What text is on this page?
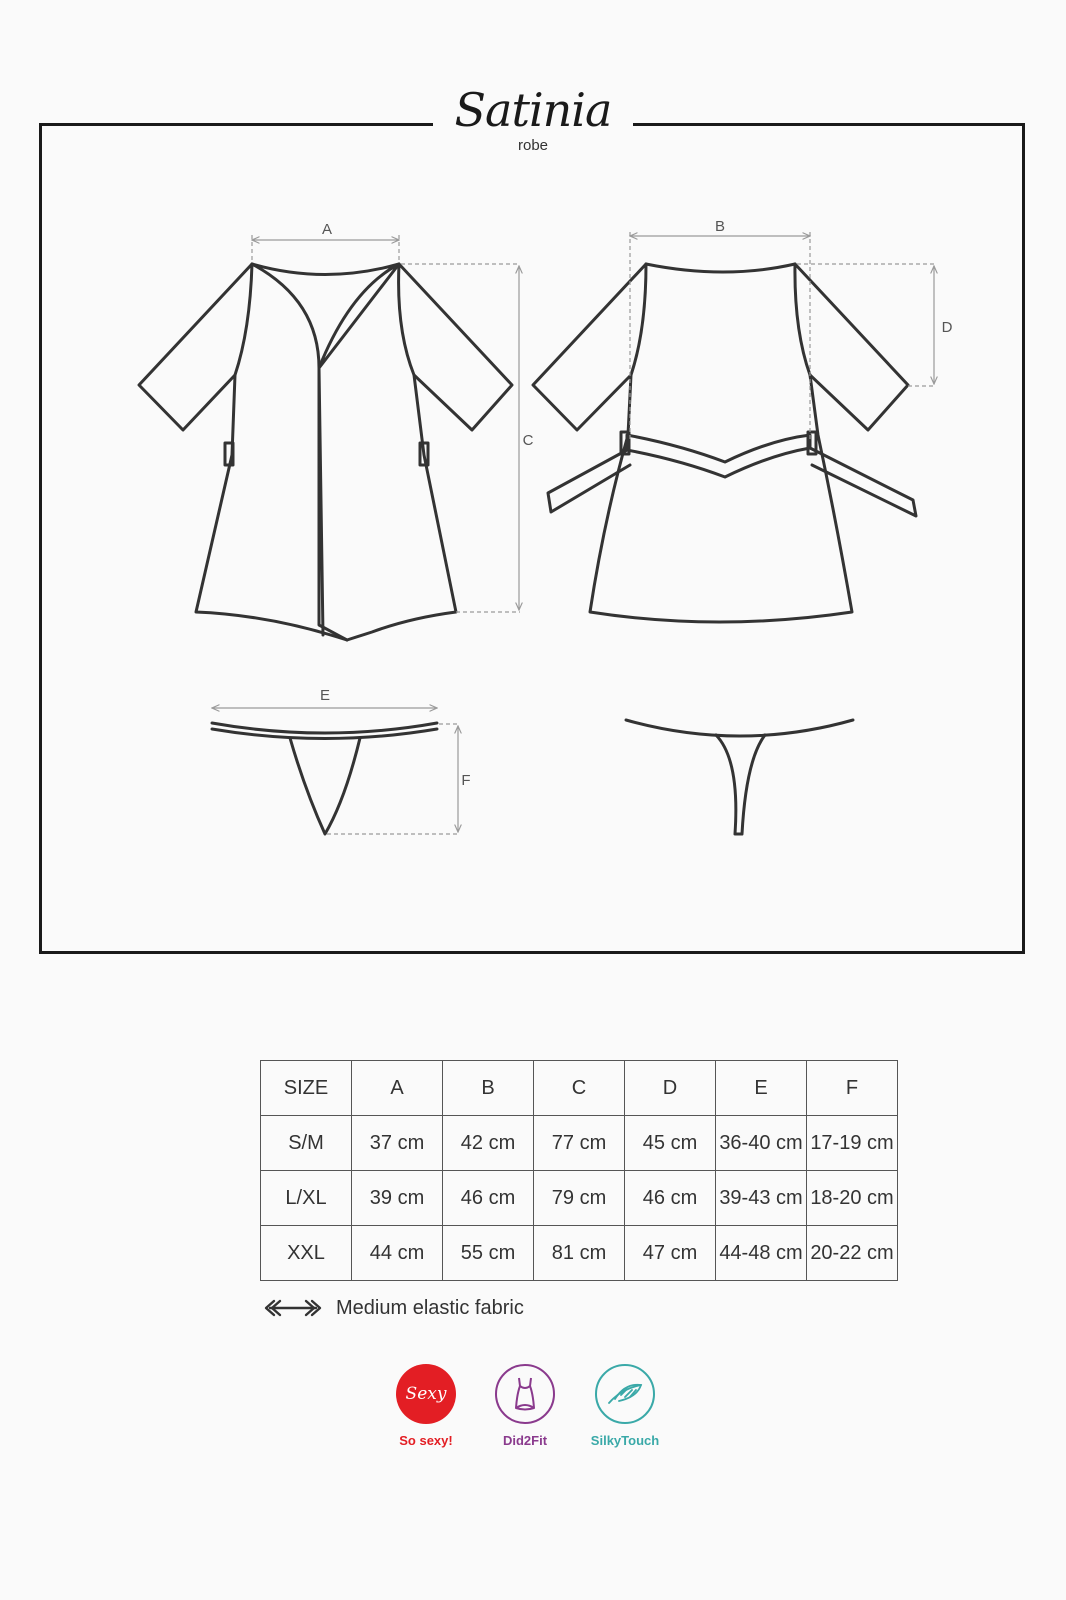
Satinia
robe
A	B
C
D
E
F
SIZE	A	B	C	D	E	F
S/M	37 cm	42 cm	77 cm	45 cm	36-40 cm	17-19 cm
L/XL	39 cm	46 cm	79 cm	46 cm	39-43 cm	18-20 cm
XXL	44 cm	55 cm	81 cm	47 cm	44-48 cm	20-22 cm
Medium elastic fabric
Sexy
So sexy!	Did2Fit	SilkyTouch
